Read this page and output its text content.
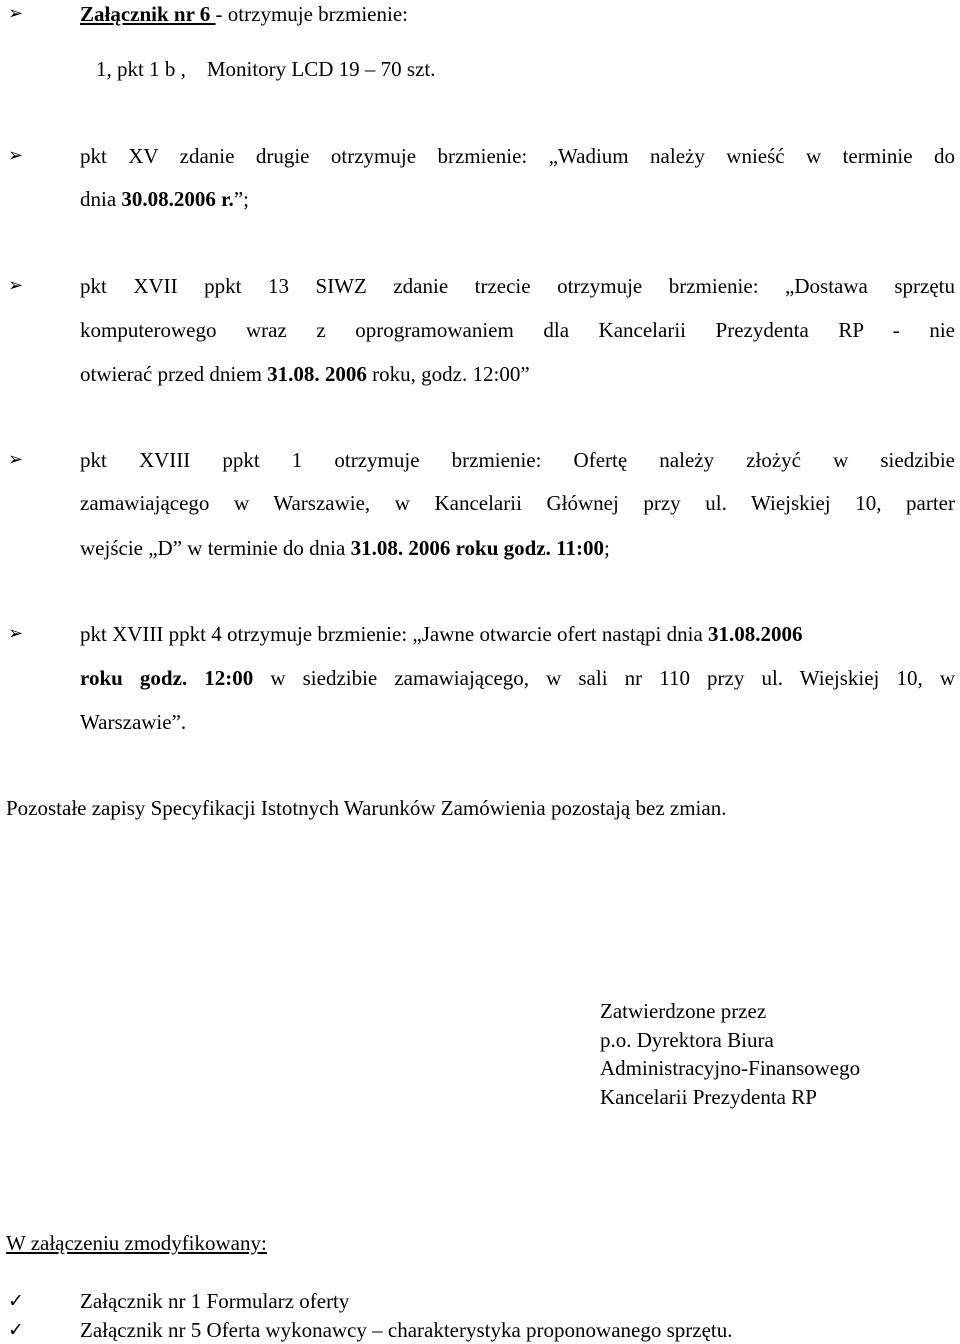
➢	Załącznik nr 6 - otrzymuje brzmienie:
1, pkt 1 b ,    Monitory LCD 19 – 70 szt.
➢	pkt XV zdanie drugie otrzymuje brzmienie: „Wadium należy wnieść w terminie do
dnia 30.08.2006 r.”;
➢	pkt XVII ppkt 13 SIWZ zdanie trzecie otrzymuje brzmienie: „Dostawa sprzętu
komputerowego wraz z oprogramowaniem dla Kancelarii Prezydenta RP - nie
otwierać przed dniem 31.08. 2006 roku, godz. 12:00”
➢	pkt XVIII ppkt 1 otrzymuje brzmienie: Ofertę należy złożyć w siedzibie
zamawiającego w Warszawie, w Kancelarii Głównej przy ul. Wiejskiej 10, parter
wejście „D” w terminie do dnia 31.08. 2006 roku godz. 11:00;
➢	pkt XVIII ppkt 4 otrzymuje brzmienie: „Jawne otwarcie ofert nastąpi dnia 31.08.2006
roku godz. 12:00 w siedzibie zamawiającego, w sali nr 110 przy ul. Wiejskiej 10, w
Warszawie”.
Pozostałe zapisy Specyfikacji Istotnych Warunków Zamówienia pozostają bez zmian.
Zatwierdzone przez
p.o. Dyrektora Biura
Administracyjno-Finansowego
Kancelarii Prezydenta RP
W załączeniu zmodyfikowany:
✓	Załącznik nr 1 Formularz oferty
✓	Załącznik nr 5 Oferta wykonawcy – charakterystyka proponowanego sprzętu.
